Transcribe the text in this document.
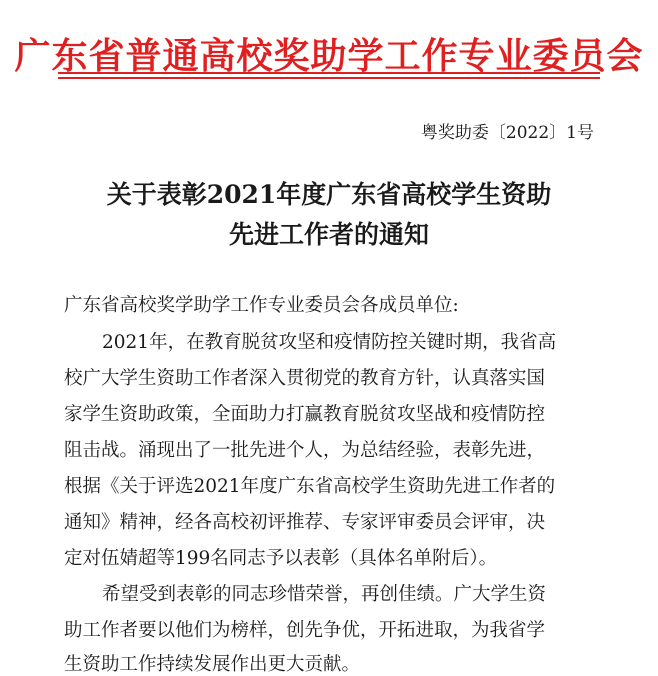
广东省普通高校奖助学工作专业委员会
粤奖助委〔2022〕1号
关于表彰2021年度广东省高校学生资助
先进工作者的通知
广东省高校奖学助学工作专业委员会各成员单位:
2021年，在教育脱贫攻坚和疫情防控关键时期，我省高
校广大学生资助工作者深入贯彻党的教育方针，认真落实国
家学生资助政策，全面助力打赢教育脱贫攻坚战和疫情防控
阻击战。涌现出了一批先进个人，为总结经验，表彰先进，
根据《关于评选2021年度广东省高校学生资助先进工作者的
通知》精神，经各高校初评推荐、专家评审委员会评审，决
定对伍婧超等199名同志予以表彰（具体名单附后）。
希望受到表彰的同志珍惜荣誉，再创佳绩。广大学生资
助工作者要以他们为榜样，创先争优，开拓进取，为我省学
生资助工作持续发展作出更大贡献。
